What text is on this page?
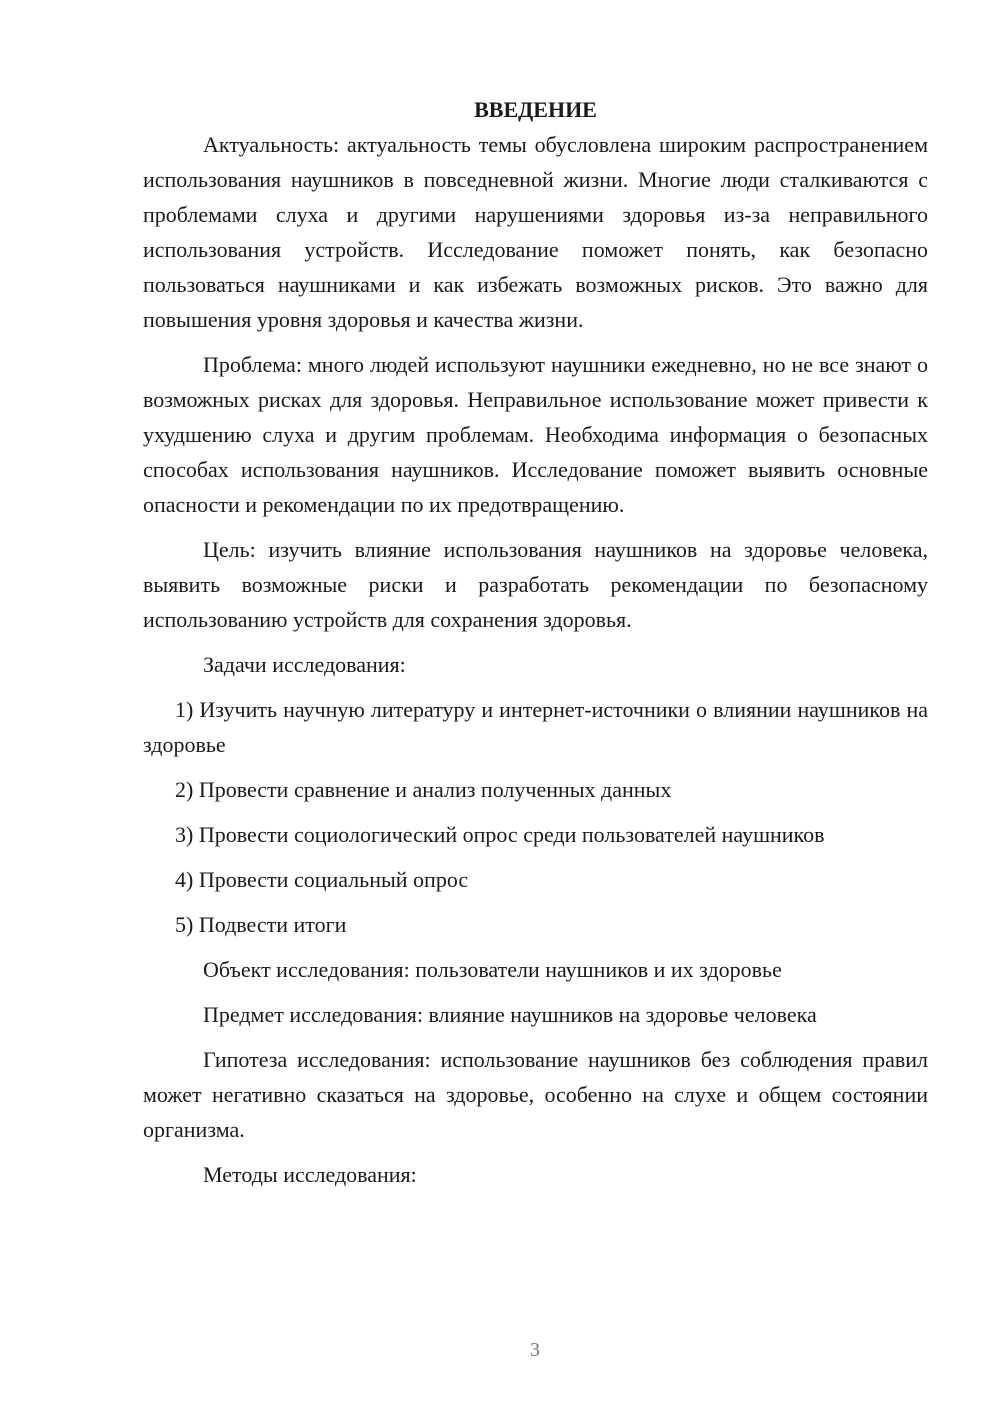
ВВЕДЕНИЕ

Актуальность: актуальность темы обусловлена широким распространением использования наушников в повседневной жизни. Многие люди сталкиваются с проблемами слуха и другими нарушениями здоровья из-за неправильного использования устройств. Исследование поможет понять, как безопасно пользоваться наушниками и как избежать возможных рисков. Это важно для повышения уровня здоровья и качества жизни.

Проблема: много людей используют наушники ежедневно, но не все знают о возможных рисках для здоровья. Неправильное использование может привести к ухудшению слуха и другим проблемам. Необходима информация о безопасных способах использования наушников. Исследование поможет выявить основные опасности и рекомендации по их предотвращению.

Цель: изучить влияние использования наушников на здоровье человека, выявить возможные риски и разработать рекомендации по безопасному использованию устройств для сохранения здоровья.

Задачи исследования:

1) Изучить научную литературу и интернет-источники о влиянии наушников на здоровье

2) Провести сравнение и анализ полученных данных

3) Провести социологический опрос среди пользователей наушников

4) Провести социальный опрос

5) Подвести итоги

Объект исследования: пользователи наушников и их здоровье

Предмет исследования: влияние наушников на здоровье человека

Гипотеза исследования: использование наушников без соблюдения правил может негативно сказаться на здоровье, особенно на слухе и общем состоянии организма.

Методы исследования:

3
